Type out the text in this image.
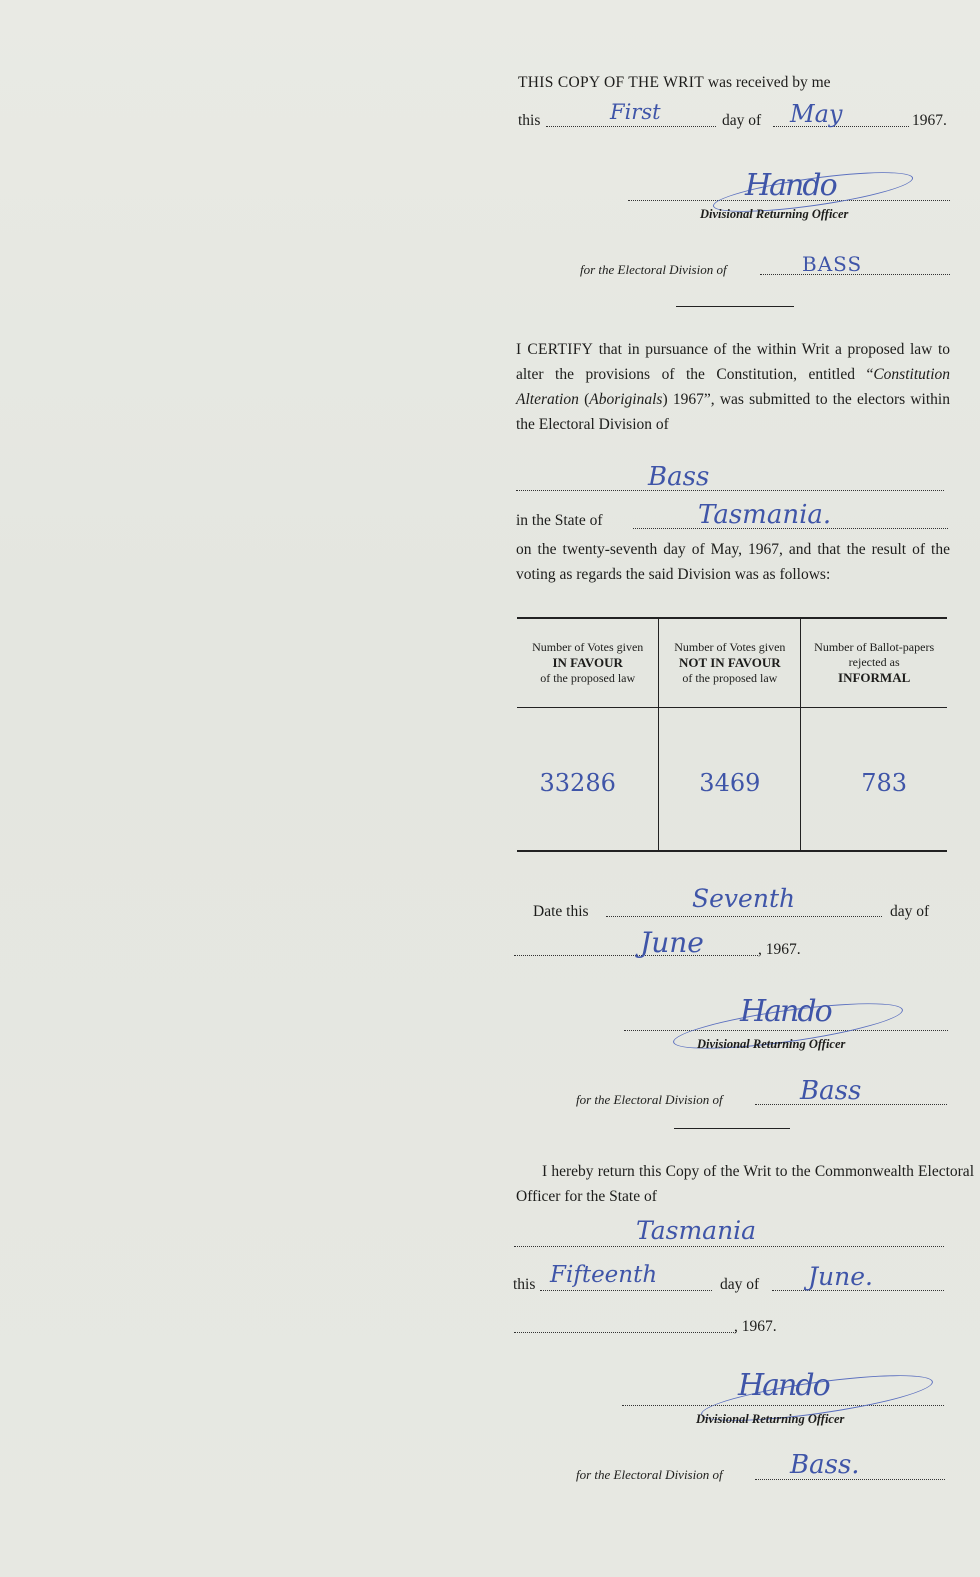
THIS COPY OF THE WRIT was received by me
this	First	day of May	1967.
Hando
Divisional Returning Officer
for the Electoral Division of	BASS
I CERTIFY that in pursuance of the within Writ a proposed law to alter the provisions of the Constitution, entitled “Constitution Alteration (Aboriginals) 1967”, was submitted to the electors within the Electoral Division of
Bass
in the State of	Tasmania.
on the twenty-seventh day of May, 1967, and that the result of the voting as regards the said Division was as follows:
Number of Votes given
IN FAVOUR
of the proposed law	Number of Votes given
NOT IN FAVOUR
of the proposed law	Number of Ballot-papers rejected as
INFORMAL
33286	3469	783
Date this	Seventh	day of
June	, 1967.
Hando
Divisional Returning Officer
for the Electoral Division of	Bass
I hereby return this Copy of the Writ to the Commonwealth Electoral Officer for the State of
Tasmania
this Fifteenth	day of June.
, 1967.
Hando
Divisional Returning Officer
for the Electoral Division of	Bass.
